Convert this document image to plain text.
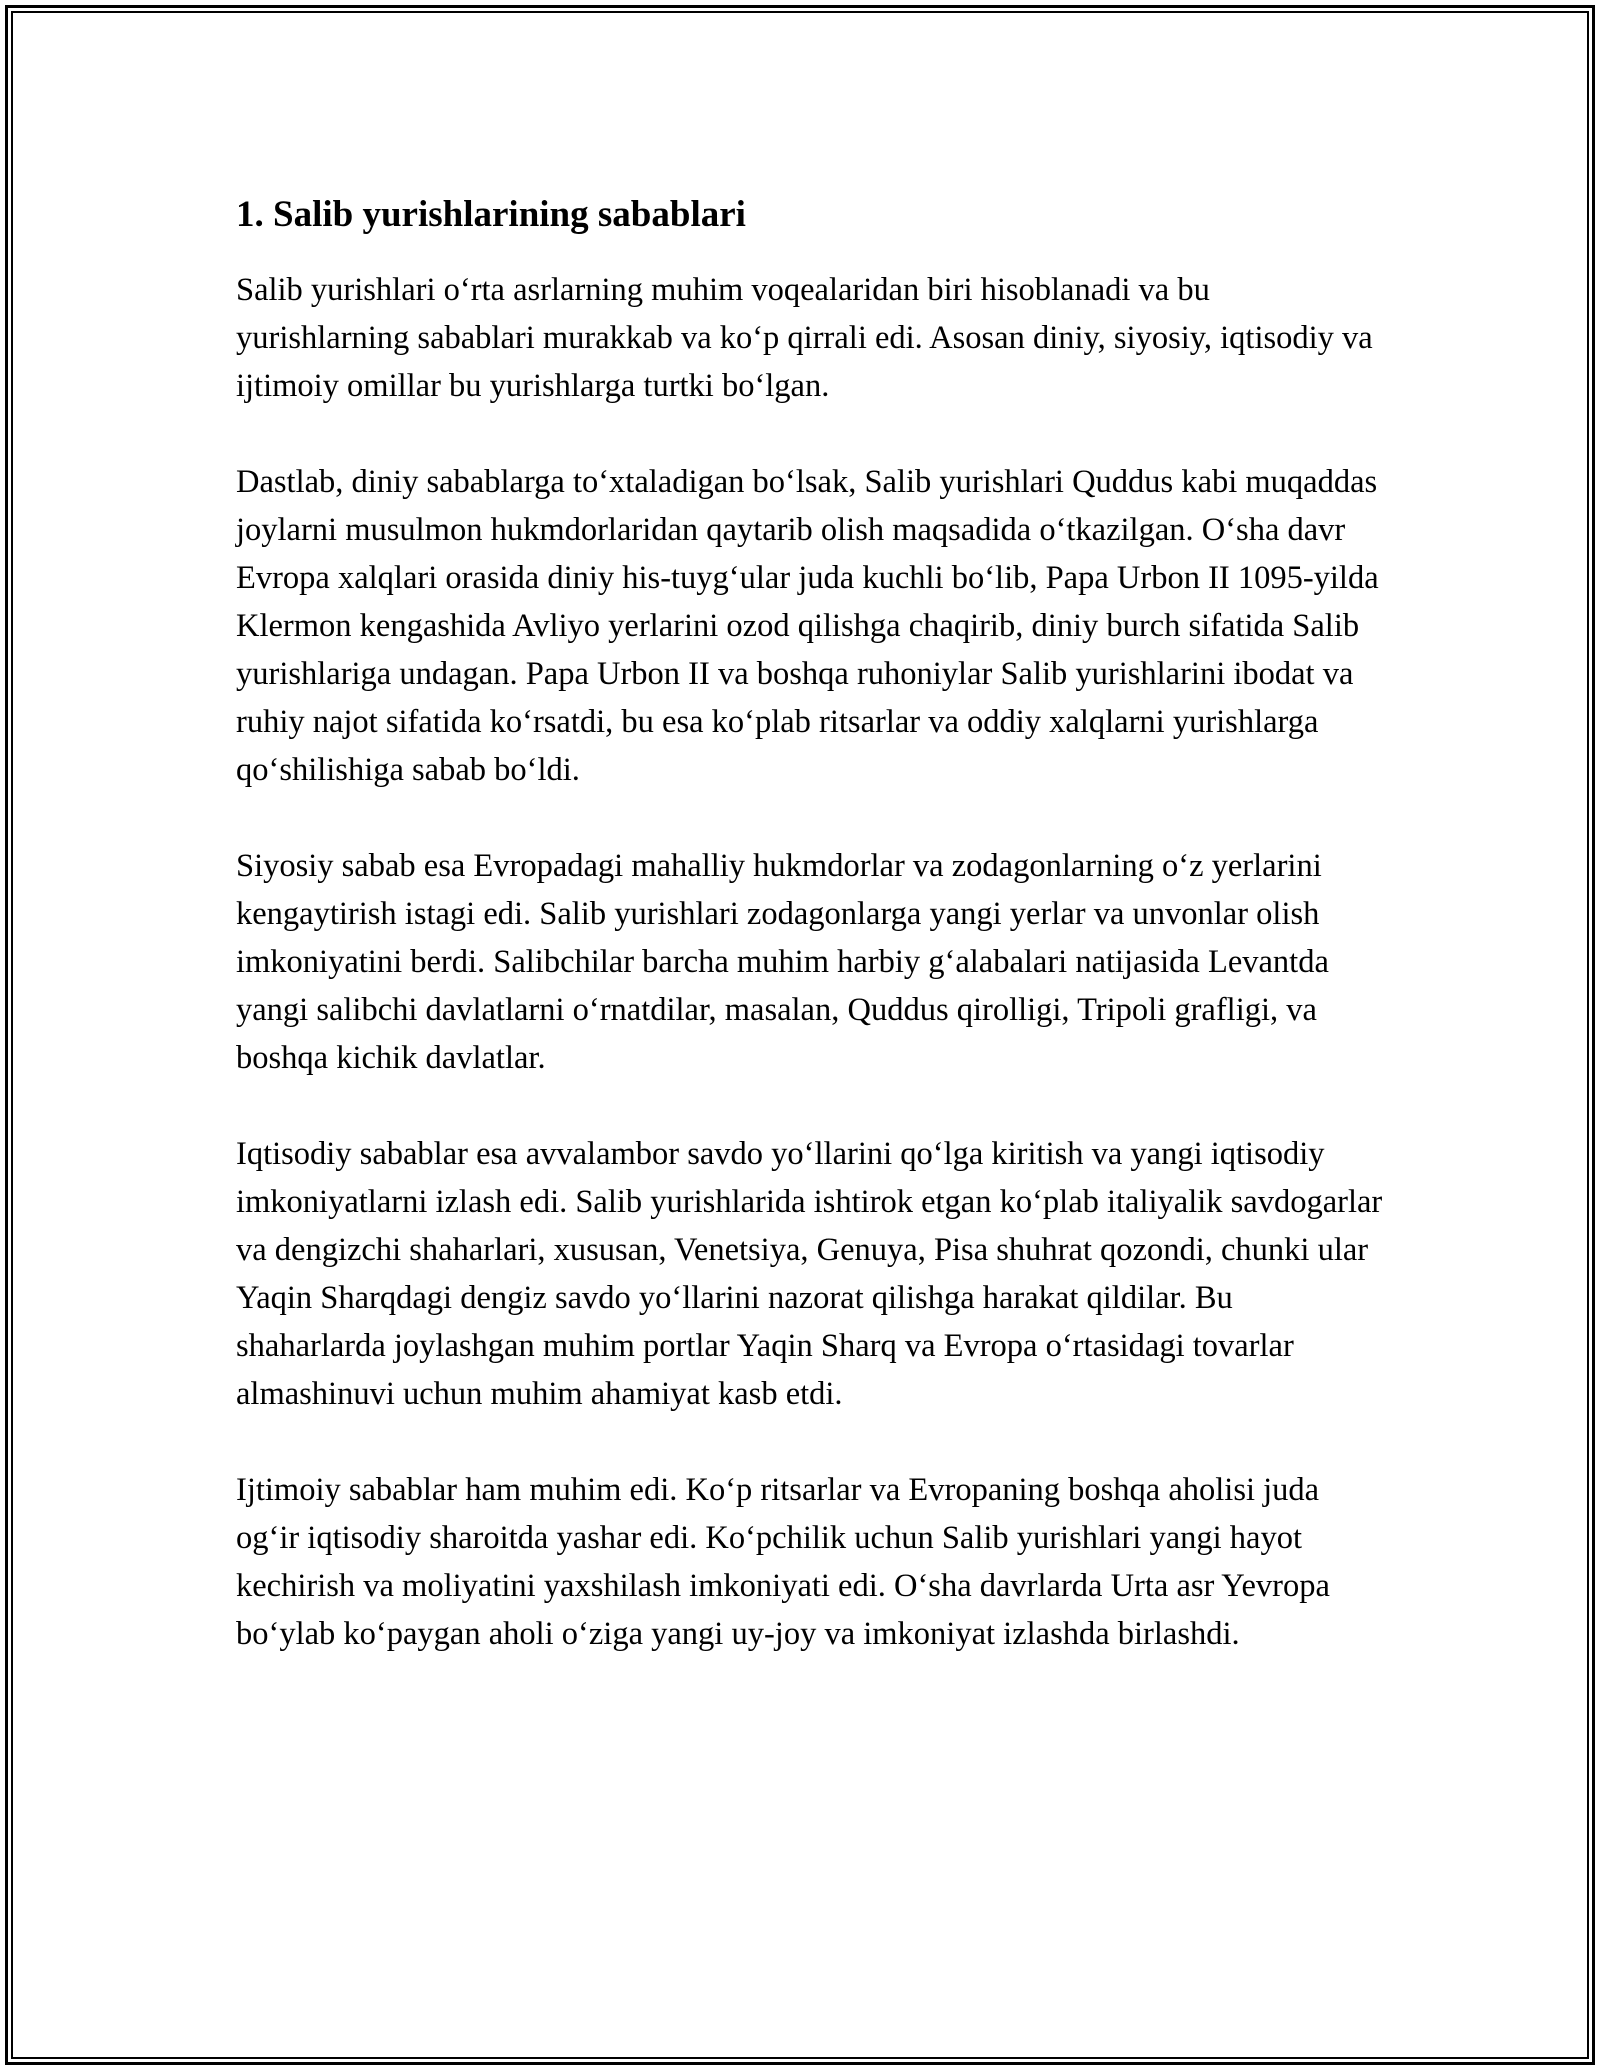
1. Salib yurishlarining sabablari

Salib yurishlari o‘rta asrlarning muhim voqealaridan biri hisoblanadi va bu yurishlarning sabablari murakkab va ko‘p qirrali edi. Asosan diniy, siyosiy, iqtisodiy va ijtimoiy omillar bu yurishlarga turtki bo‘lgan.

Dastlab, diniy sabablarga to‘xtaladigan bo‘lsak, Salib yurishlari Quddus kabi muqaddas joylarni musulmon hukmdorlaridan qaytarib olish maqsadida o‘tkazilgan. O‘sha davr Evropa xalqlari orasida diniy his-tuyg‘ular juda kuchli bo‘lib, Papa Urbon II 1095-yilda Klermon kengashida Avliyo yerlarini ozod qilishga chaqirib, diniy burch sifatida Salib yurishlariga undagan. Papa Urbon II va boshqa ruhoniylar Salib yurishlarini ibodat va ruhiy najot sifatida ko‘rsatdi, bu esa ko‘plab ritsarlar va oddiy xalqlarni yurishlarga qo‘shilishiga sabab bo‘ldi.

Siyosiy sabab esa Evropadagi mahalliy hukmdorlar va zodagonlarning o‘z yerlarini kengaytirish istagi edi. Salib yurishlari zodagonlarga yangi yerlar va unvonlar olish imkoniyatini berdi. Salibchilar barcha muhim harbiy g‘alabalari natijasida Levantda yangi salibchi davlatlarni o‘rnatdilar, masalan, Quddus qirolligi, Tripoli grafligi, va boshqa kichik davlatlar.

Iqtisodiy sabablar esa avvalambor savdo yo‘llarini qo‘lga kiritish va yangi iqtisodiy imkoniyatlarni izlash edi. Salib yurishlarida ishtirok etgan ko‘plab italiyalik savdogarlar va dengizchi shaharlari, xususan, Venetsiya, Genuya, Pisa shuhrat qozondi, chunki ular Yaqin Sharqdagi dengiz savdo yo‘llarini nazorat qilishga harakat qildilar. Bu shaharlarda joylashgan muhim portlar Yaqin Sharq va Evropa o‘rtasidagi tovarlar almashinuvi uchun muhim ahamiyat kasb etdi.

Ijtimoiy sabablar ham muhim edi. Ko‘p ritsarlar va Evropaning boshqa aholisi juda og‘ir iqtisodiy sharoitda yashar edi. Ko‘pchilik uchun Salib yurishlari yangi hayot kechirish va moliyatini yaxshilash imkoniyati edi. O‘sha davrlarda Urta asr Yevropa bo‘ylab ko‘paygan aholi o‘ziga yangi uy-joy va imkoniyat izlashda birlashdi.
